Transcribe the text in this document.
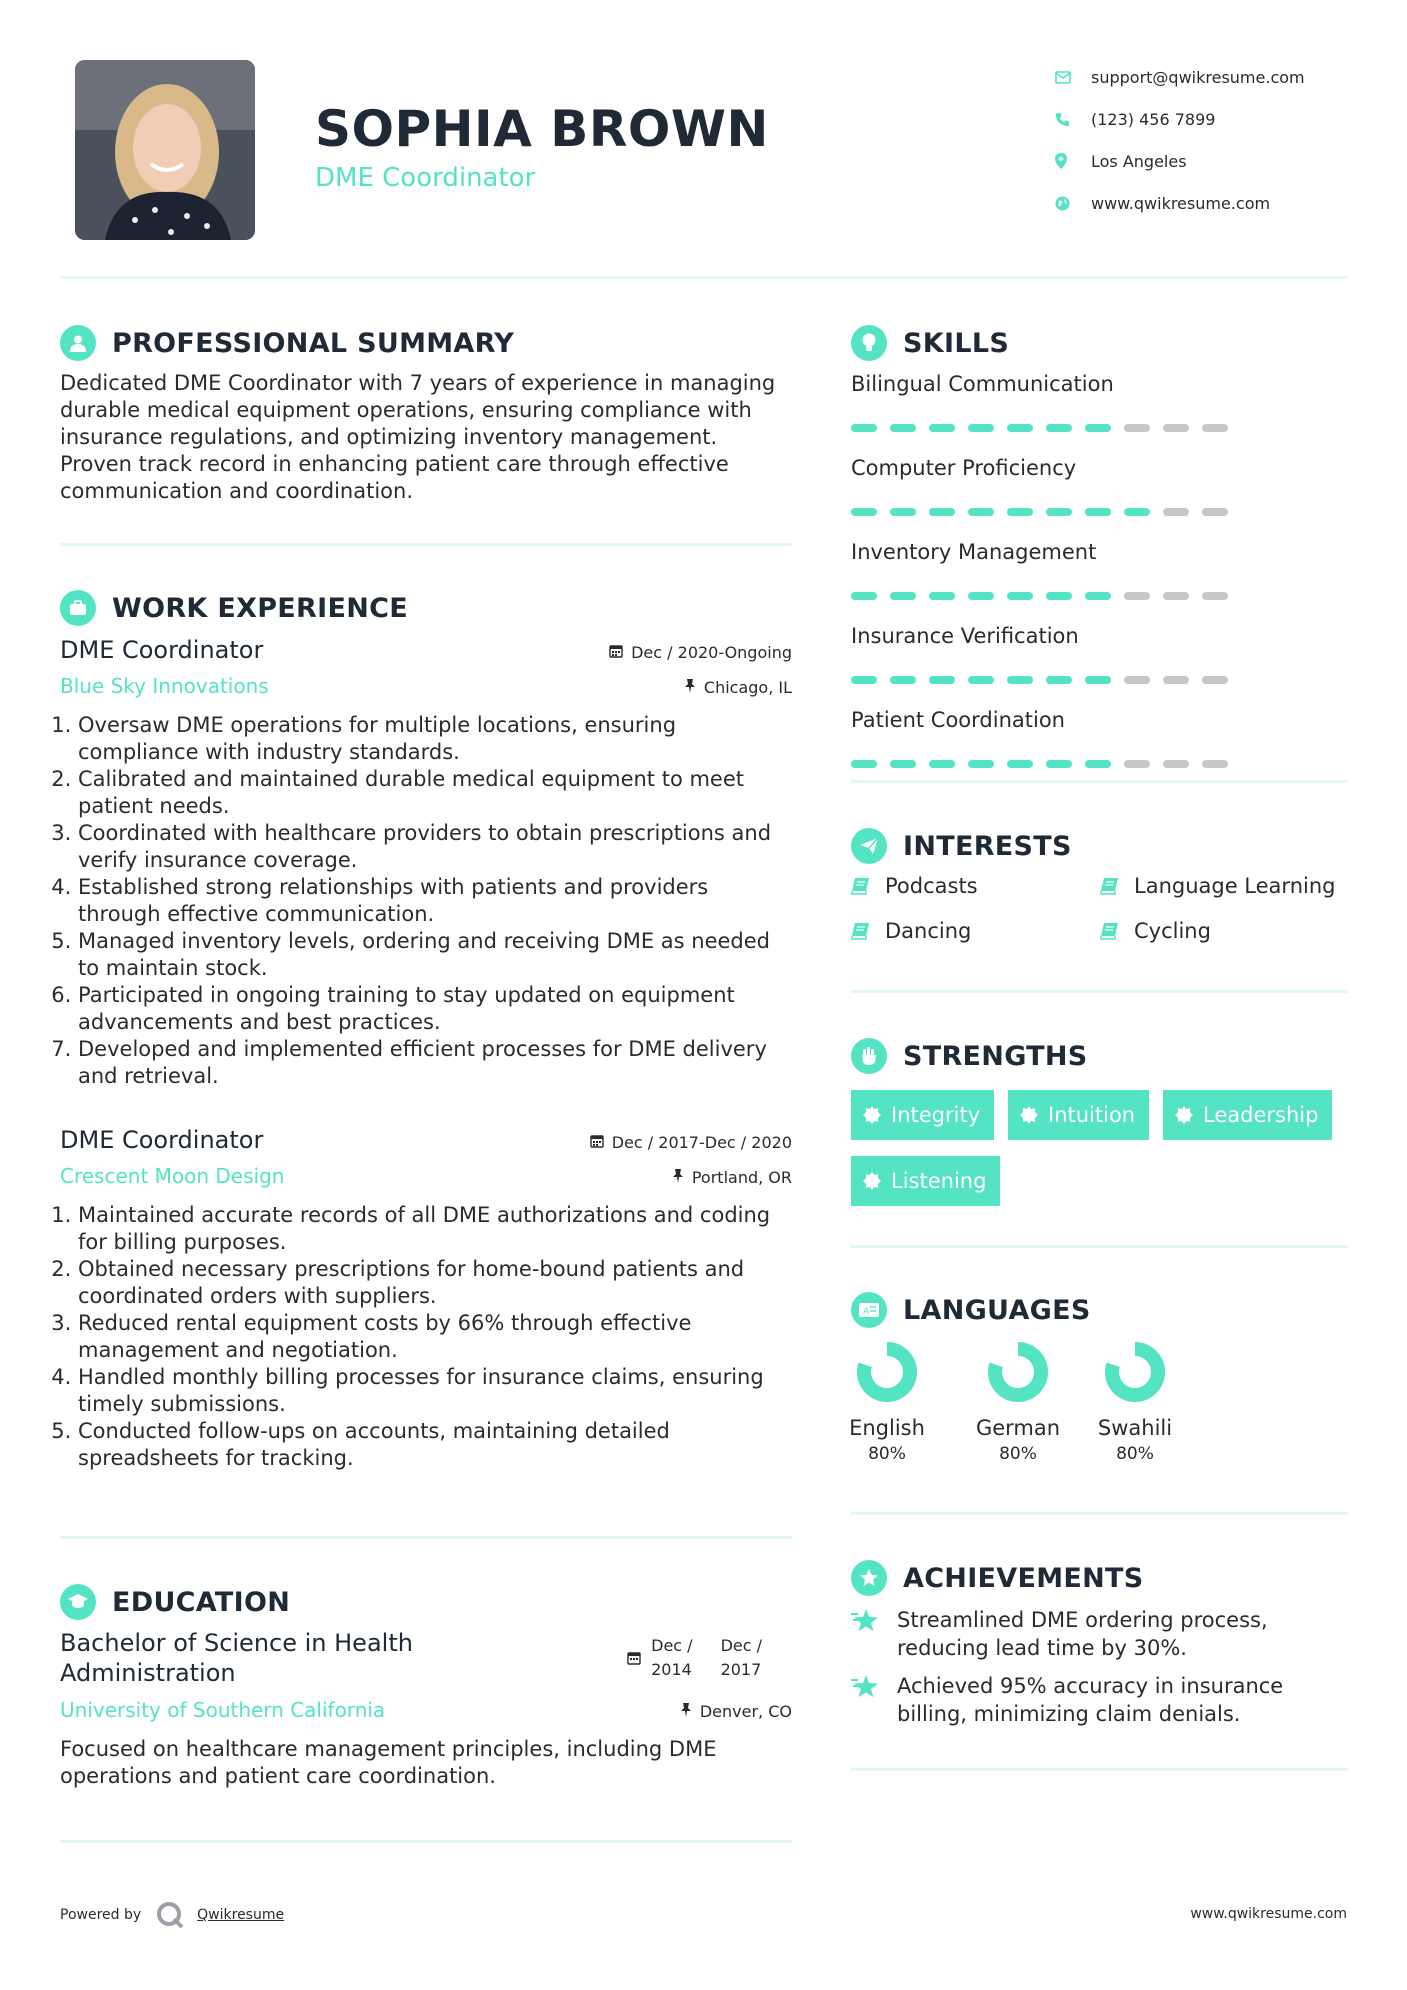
SOPHIA BROWN
DME Coordinator
support@qwikresume.com
(123) 456 7899
Los Angeles
www.qwikresume.com
PROFESSIONAL SUMMARY
Dedicated DME Coordinator with 7 years of experience in managing durable medical equipment operations, ensuring compliance with insurance regulations, and optimizing inventory management. Proven track record in enhancing patient care through effective communication and coordination.
WORK EXPERIENCE
DME Coordinator	Dec / 2020-Ongoing
Blue Sky Innovations	Chicago, IL
1. Oversaw DME operations for multiple locations, ensuring compliance with industry standards.
2. Calibrated and maintained durable medical equipment to meet patient needs.
3. Coordinated with healthcare providers to obtain prescriptions and verify insurance coverage.
4. Established strong relationships with patients and providers through effective communication.
5. Managed inventory levels, ordering and receiving DME as needed to maintain stock.
6. Participated in ongoing training to stay updated on equipment advancements and best practices.
7. Developed and implemented efficient processes for DME delivery and retrieval.
DME Coordinator	Dec / 2017-Dec / 2020
Crescent Moon Design	Portland, OR
1. Maintained accurate records of all DME authorizations and coding for billing purposes.
2. Obtained necessary prescriptions for home-bound patients and coordinated orders with suppliers.
3. Reduced rental equipment costs by 66% through effective management and negotiation.
4. Handled monthly billing processes for insurance claims, ensuring timely submissions.
5. Conducted follow-ups on accounts, maintaining detailed spreadsheets for tracking.
EDUCATION
Bachelor of Science in Health
Administration
Dec /
2014
Dec /
2017
University of Southern California	Denver, CO
Focused on healthcare management principles, including DME operations and patient care coordination.
SKILLS
Bilingual Communication
Computer Proficiency
Inventory Management
Insurance Verification
Patient Coordination
INTERESTS
Podcasts	Language Learning
Dancing	Cycling
STRENGTHS
Integrity	Intuition	Leadership
Listening
A LANGUAGES
English
80%
German
80%
Swahili
80%
ACHIEVEMENTS
Streamlined DME ordering process,
reducing lead time by 30%.
Achieved 95% accuracy in insurance
billing, minimizing claim denials.
Powered by	Qwikresume	www.qwikresume.com
